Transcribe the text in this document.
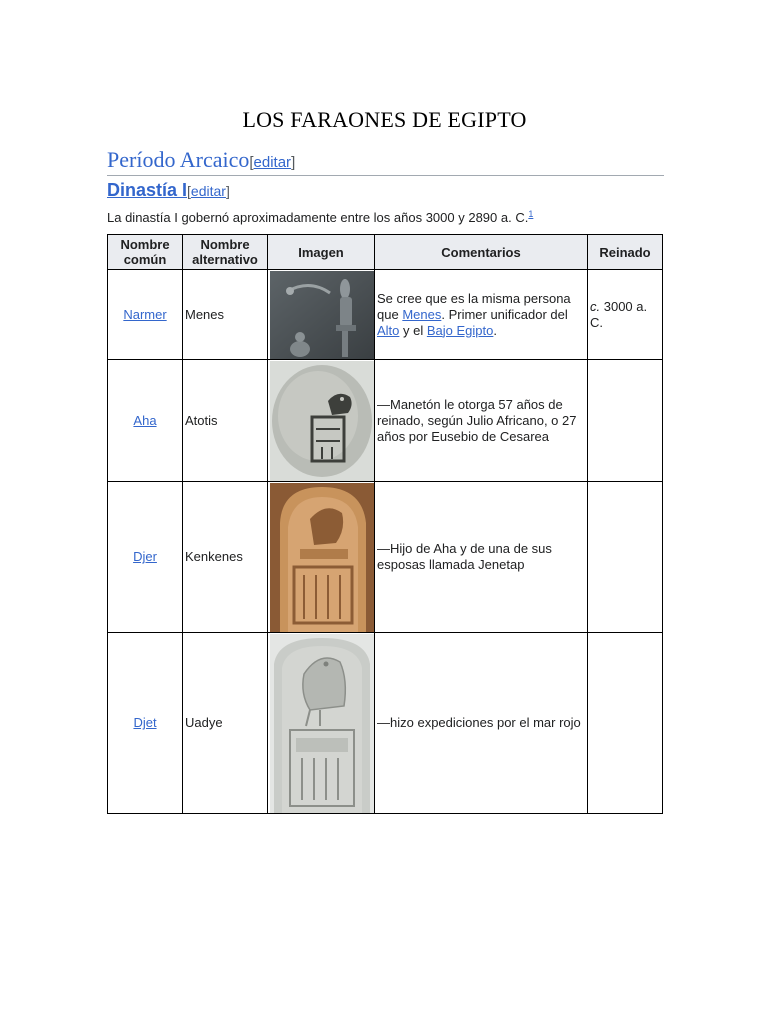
LOS FARAONES DE EGIPTO
Período Arcaico[editar]
Dinastía I[editar]
La dinastía I gobernó aproximadamente entre los años 3000 y 2890 a. C.$^1$
Nombre común	Nombre alternativo	Imagen	Comentarios	Reinado
Narmer	Menes		Se cree que es la misma persona que Menes. Primer unificador del Alto y el Bajo Egipto.	c. 3000 a. C.
Aha	Atotis		—Manetón le otorga 57 años de reinado, según Julio Africano, o 27 años por Eusebio de Cesarea	
Djer	Kenkenes		—Hijo de Aha y de una de sus esposas llamada Jenetap	
Djet	Uadye		—hizo expediciones por el mar rojo	
